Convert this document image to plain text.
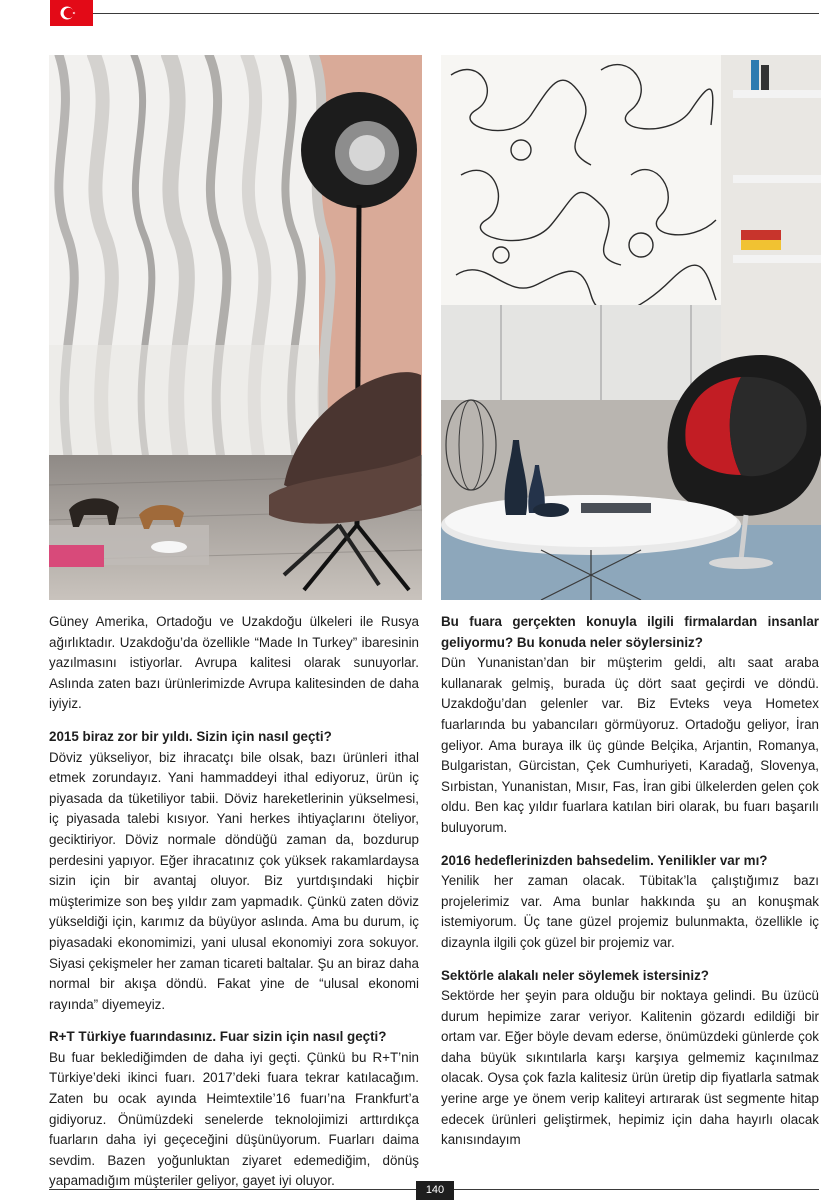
Güney Amerika, Ortadoğu ve Uzakdoğu ülkeleri ile Rusya ağırlıktadır. Uzakdoğu’da özellikle “Made In Turkey” ibaresinin yazılmasını istiyorlar. Avrupa kalitesi olarak sunuyorlar. Aslında zaten bazı ürünlerimizde Avrupa kalitesinden de daha iyiyiz.

2015 biraz zor bir yıldı. Sizin için nasıl geçti?

Döviz yükseliyor, biz ihracatçı bile olsak, bazı ürünleri ithal etmek zorundayız. Yani hammaddeyi ithal ediyoruz, ürün iç piyasada da tüketiliyor tabii. Döviz hareketlerinin yükselmesi, iç piyasada talebi kısıyor. Yani herkes ihtiyaçlarını öteliyor, geciktiriyor. Döviz normale döndüğü zaman da, bozdurup perdesini yapıyor. Eğer ihracatınız çok yüksek rakamlardaysa sizin için bir avantaj oluyor. Biz yurtdışındaki hiçbir müşterimize son beş yıldır zam yapmadık. Çünkü zaten döviz yükseldiği için, karımız da büyüyor aslında. Ama bu durum, iç piyasadaki ekonomimizi, yani ulusal ekonomiyi zora sokuyor. Siyasi çekişmeler her zaman ticareti baltalar. Şu an biraz daha normal bir akışa döndü. Fakat yine de “ulusal ekonomi rayında” diyemeyiz.

R+T Türkiye fuarındasınız. Fuar sizin için nasıl geçti?

Bu fuar beklediğimden de daha iyi geçti. Çünkü bu R+T’nin Türkiye’deki ikinci fuarı. 2017’deki fuara tekrar katılacağım. Zaten bu ocak ayında Heimtextile’16 fuarı’na Frankfurt’a gidiyoruz. Önümüzdeki senelerde teknolojimizi arttırdıkça fuarların daha iyi geçeceğini düşünüyorum. Fuarları daima sevdim. Bazen yoğunluktan ziyaret edemediğim, dönüş yapamadığım müşteriler geliyor, gayet iyi oluyor.

Bu fuara gerçekten konuyla ilgili firmalardan insanlar geliyormu? Bu konuda neler söylersiniz?

Dün Yunanistan’dan bir müşterim geldi, altı saat araba kullanarak gelmiş, burada üç dört saat geçirdi ve döndü. Uzakdoğu’dan gelenler var. Biz Evteks veya Hometex fuarlarında bu yabancıları görmüyoruz. Ortadoğu geliyor, İran geliyor. Ama buraya ilk üç günde Belçika, Arjantin, Romanya, Bulgaristan, Gürcistan, Çek Cumhuriyeti, Karadağ, Slovenya, Sırbistan, Yunanistan, Mısır, Fas, İran gibi ülkelerden gelen çok oldu. Ben kaç yıldır fuarlara katılan biri olarak, bu fuarı başarılı buluyorum.

2016 hedeflerinizden bahsedelim. Yenilikler var mı?

Yenilik her zaman olacak. Tübitak’la çalıştığımız bazı projelerimiz var. Ama bunlar hakkında şu an konuşmak istemiyorum. Üç tane güzel projemiz bulunmakta, özellikle iç dizaynla ilgili çok güzel bir projemiz var.

Sektörle alakalı neler söylemek istersiniz?

Sektörde her şeyin para olduğu bir noktaya gelindi. Bu üzücü durum hepimize zarar veriyor. Kalitenin gözardı edildiği bir ortam var. Eğer böyle devam ederse, önümüzdeki günlerde çok daha büyük sıkıntılarla karşı karşıya gelmemiz kaçınılmaz olacak. Oysa çok fazla kalitesiz ürün üretip dip fiyatlarla satmak yerine arge ye önem verip kaliteyi artırarak üst segmente hitap edecek ürünleri geliştirmek, hepimiz için daha hayırlı olacak kanısındayım

140
